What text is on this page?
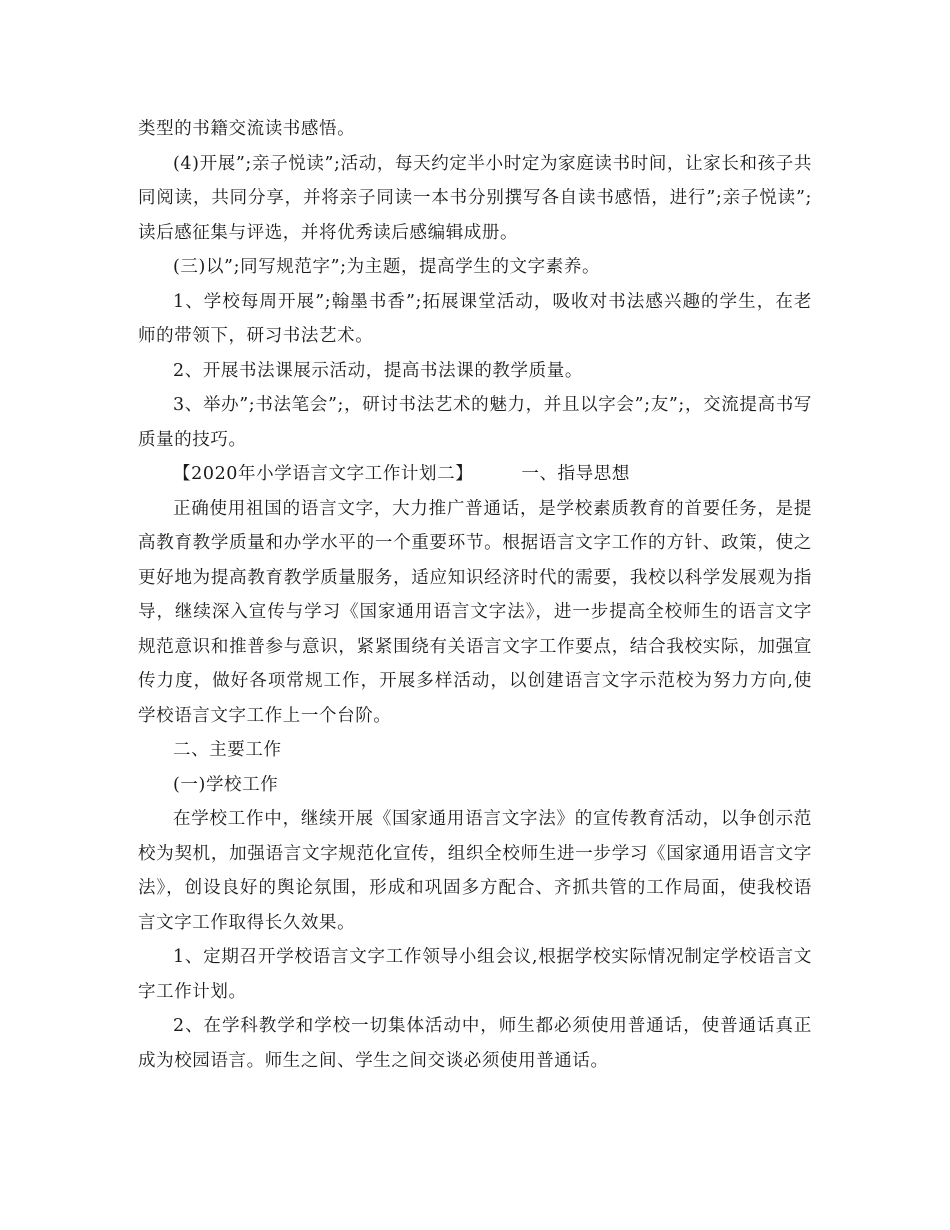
类型的书籍交流读书感悟。

(4)开展”;亲子悦读”;活动，每天约定半小时定为家庭读书时间，让家长和孩子共同阅读，共同分享，并将亲子同读一本书分别撰写各自读书感悟，进行”;亲子悦读”;读后感征集与评选，并将优秀读后感编辑成册。

(三)以”;同写规范字”;为主题，提高学生的文字素养。

1、学校每周开展”;翰墨书香”;拓展课堂活动，吸收对书法感兴趣的学生，在老师的带领下，研习书法艺术。

2、开展书法课展示活动，提高书法课的教学质量。

3、举办”;书法笔会”;，研讨书法艺术的魅力，并且以字会”;友”;，交流提高书写质量的技巧。

【2020年小学语言文字工作计划二】	一、指导思想

正确使用祖国的语言文字，大力推广普通话，是学校素质教育的首要任务，是提高教育教学质量和办学水平的一个重要环节。根据语言文字工作的方针、政策，使之更好地为提高教育教学质量服务，适应知识经济时代的需要，我校以科学发展观为指导，继续深入宣传与学习《国家通用语言文字法》，进一步提高全校师生的语言文字规范意识和推普参与意识，紧紧围绕有关语言文字工作要点，结合我校实际，加强宣传力度，做好各项常规工作，开展多样活动，以创建语言文字示范校为努力方向,使学校语言文字工作上一个台阶。

二、主要工作

(一)学校工作

在学校工作中，继续开展《国家通用语言文字法》的宣传教育活动，以争创示范校为契机，加强语言文字规范化宣传，组织全校师生进一步学习《国家通用语言文字法》，创设良好的舆论氛围，形成和巩固多方配合、齐抓共管的工作局面，使我校语言文字工作取得长久效果。

1、定期召开学校语言文字工作领导小组会议,根据学校实际情况制定学校语言文字工作计划。

2、在学科教学和学校一切集体活动中，师生都必须使用普通话，使普通话真正成为校园语言。师生之间、学生之间交谈必须使用普通话。
